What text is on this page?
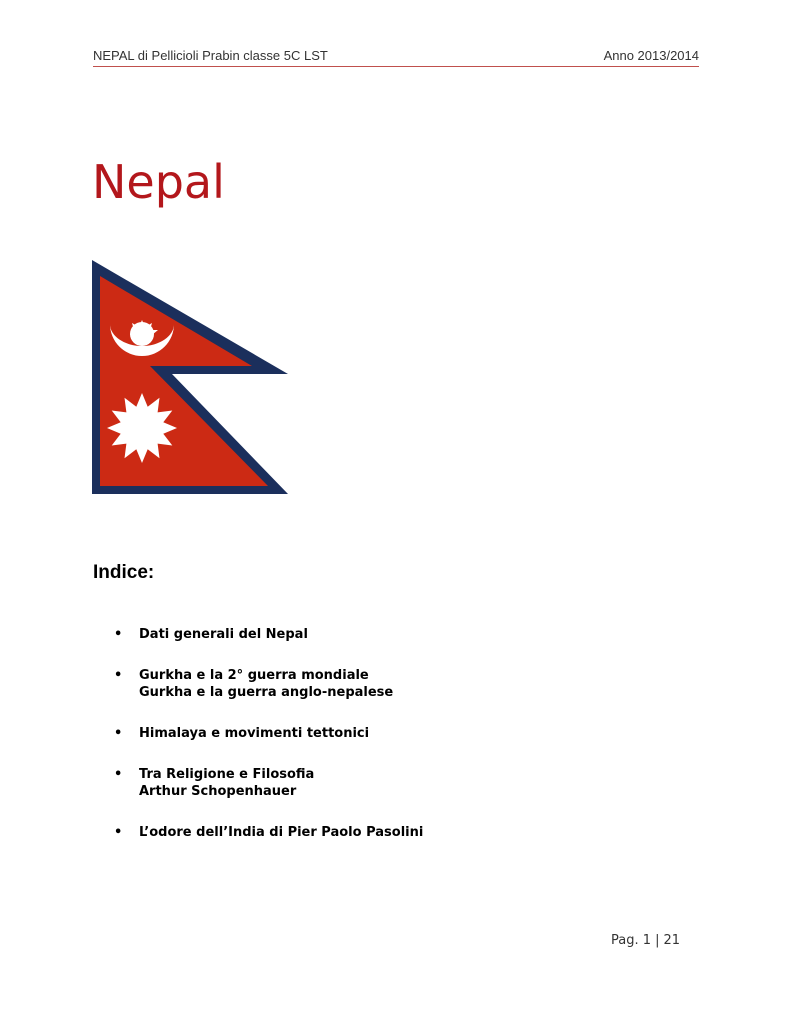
NEPAL di Pellicioli Prabin classe 5C LST	Anno 2013/2014
Nepal
Indice:
• Dati generali del Nepal
• Gurkha e la 2° guerra mondiale
Gurkha e la guerra anglo-nepalese
• Himalaya e movimenti tettonici
• Tra Religione e Filosofia
Arthur Schopenhauer
• L’odore dell’India di Pier Paolo Pasolini
Pag. 1 | 21
